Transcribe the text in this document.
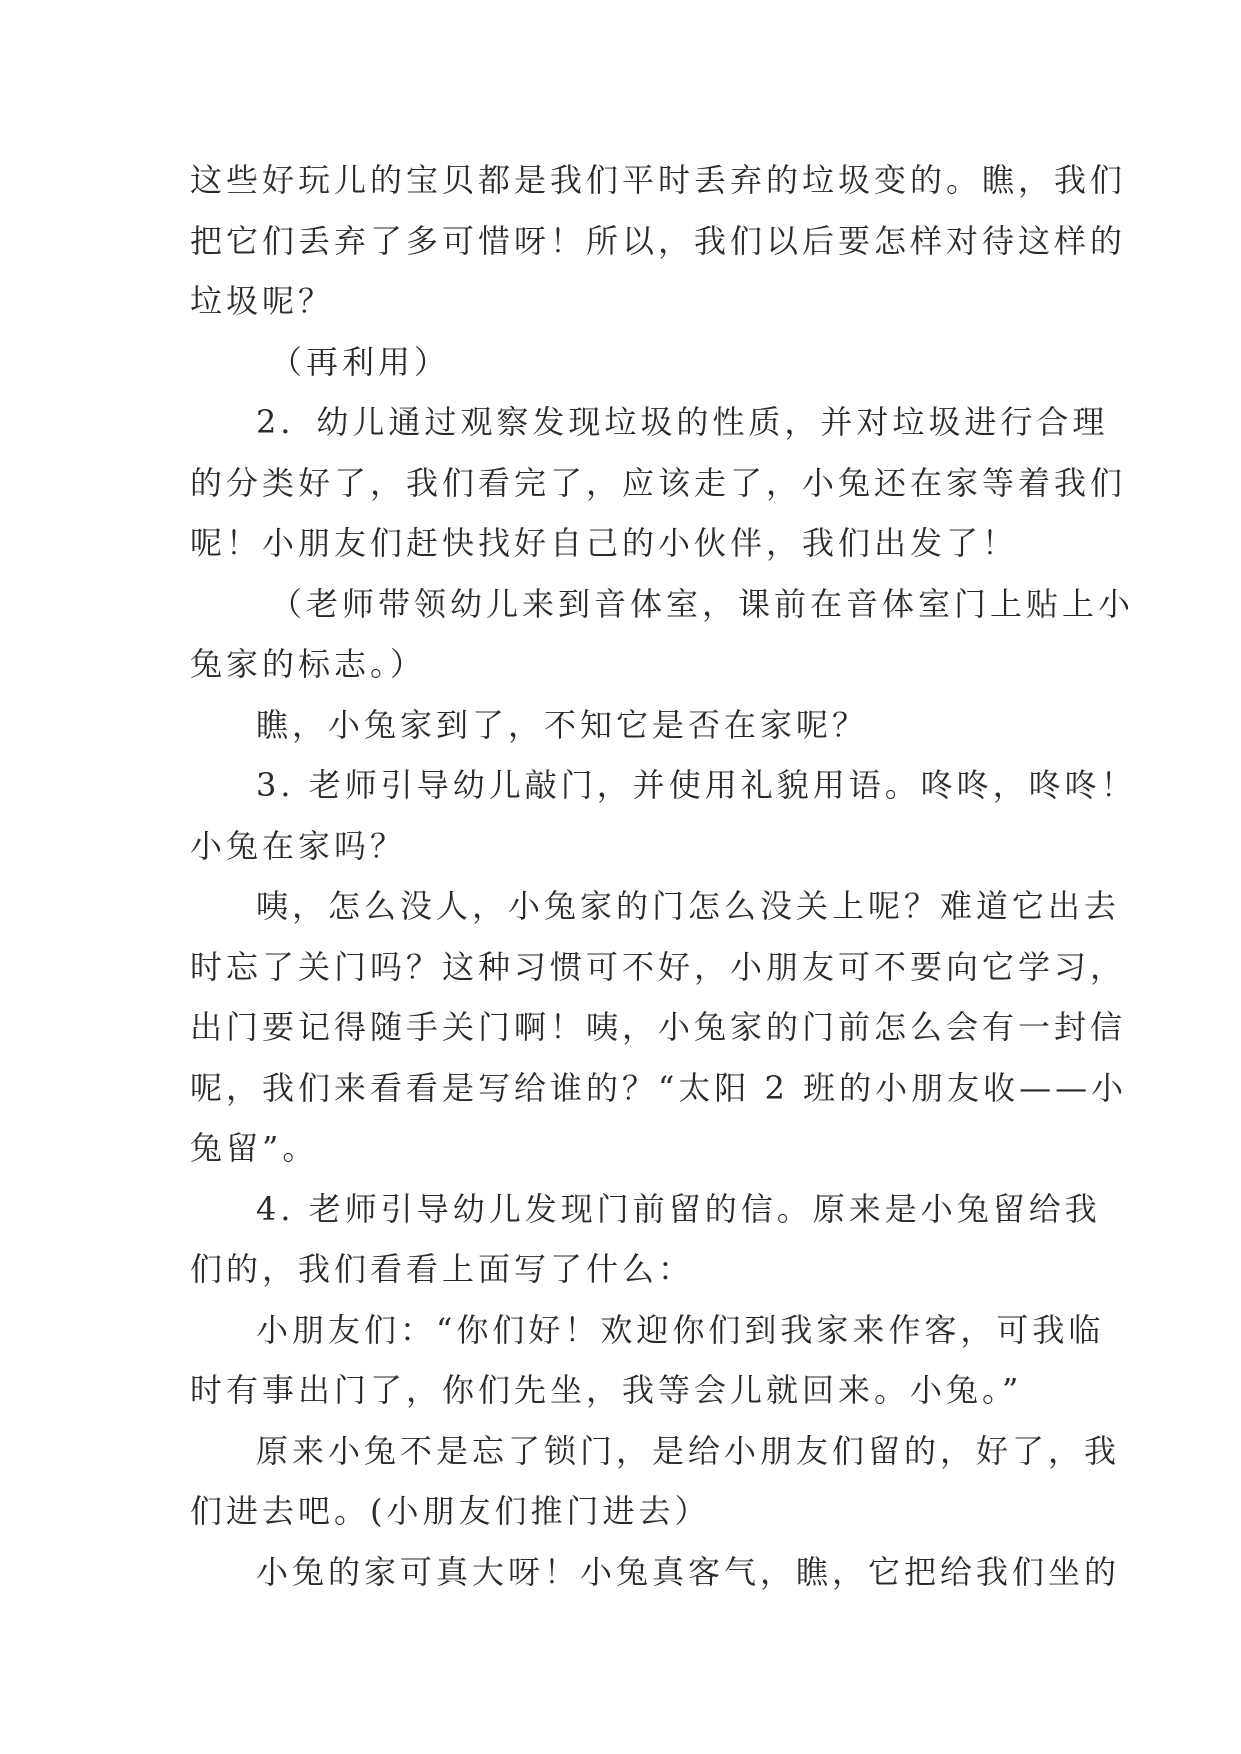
这些好玩儿的宝贝都是我们平时丢弃的垃圾变的。瞧，我们
把它们丢弃了多可惜呀！所以，我们以后要怎样对待这样的
垃圾呢？
（再利用）
2．幼儿通过观察发现垃圾的性质，并对垃圾进行合理
的分类好了，我们看完了，应该走了，小兔还在家等着我们
呢！小朋友们赶快找好自己的小伙伴，我们出发了！
（老师带领幼儿来到音体室，课前在音体室门上贴上小
兔家的标志。）
瞧，小兔家到了，不知它是否在家呢？
3. 老师引导幼儿敲门，并使用礼貌用语。咚咚，咚咚！
小兔在家吗？
咦，怎么没人，小兔家的门怎么没关上呢？难道它出去
时忘了关门吗？这种习惯可不好，小朋友可不要向它学习，
出门要记得随手关门啊！咦，小兔家的门前怎么会有一封信
呢，我们来看看是写给谁的？“太阳 2 班的小朋友收——小
兔留”。
4. 老师引导幼儿发现门前留的信。原来是小兔留给我
们的，我们看看上面写了什么：
小朋友们：“你们好！欢迎你们到我家来作客，可我临
时有事出门了，你们先坐，我等会儿就回来。小兔。”
原来小兔不是忘了锁门，是给小朋友们留的，好了，我
们进去吧。(小朋友们推门进去）
小兔的家可真大呀！小兔真客气，瞧，它把给我们坐的
